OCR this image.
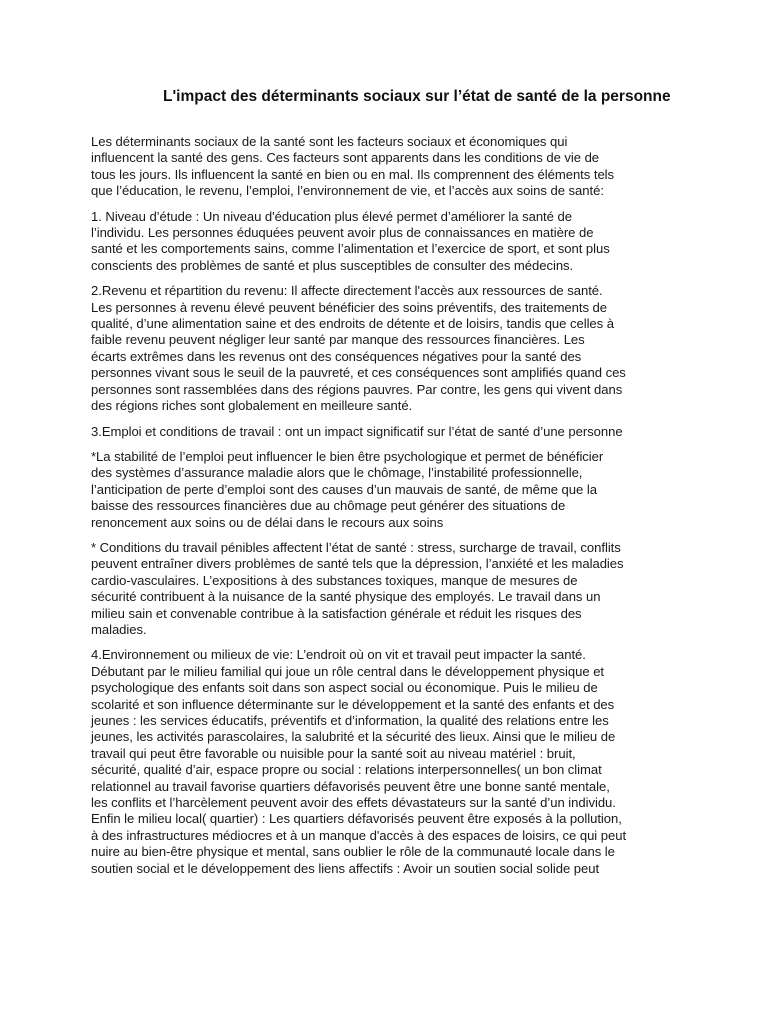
L'impact des déterminants sociaux sur l’état de santé de la personne

Les déterminants sociaux de la santé sont les facteurs sociaux et économiques qui
influencent la santé des gens. Ces facteurs sont apparents dans les conditions de vie de
tous les jours. Ils influencent la santé en bien ou en mal. Ils comprennent des éléments tels
que l’éducation, le revenu, l’emploi, l’environnement de vie, et l’accès aux soins de santé:

1. Niveau d’étude : Un niveau d'éducation plus élevé permet d’améliorer la santé de
l’individu. Les personnes éduquées peuvent avoir plus de connaissances en matière de
santé et les comportements sains, comme l’alimentation et l’exercice de sport, et sont plus
conscients des problèmes de santé et plus susceptibles de consulter des médecins.

2.Revenu et répartition du revenu: Il affecte directement l'accès aux ressources de santé.
Les personnes à revenu élevé peuvent bénéficier des soins préventifs, des traitements de
qualité, d’une alimentation saine et des endroits de détente et de loisirs, tandis que celles à
faible revenu peuvent négliger leur santé par manque des ressources financières. Les
écarts extrêmes dans les revenus ont des conséquences négatives pour la santé des
personnes vivant sous le seuil de la pauvreté, et ces conséquences sont amplifiés quand ces
personnes sont rassemblées dans des régions pauvres. Par contre, les gens qui vivent dans
des régions riches sont globalement en meilleure santé.

3.Emploi et conditions de travail : ont un impact significatif sur l’état de santé d’une personne

*La stabilité de l’emploi peut influencer le bien être psychologique et permet de bénéficier
des systèmes d’assurance maladie alors que le chômage, l’instabilité professionnelle,
l’anticipation de perte d’emploi sont des causes d’un mauvais de santé, de même que la
baisse des ressources financières due au chômage peut générer des situations de
renoncement aux soins ou de délai dans le recours aux soins

* Conditions du travail pénibles affectent l’état de santé : stress, surcharge de travail, conflits
peuvent entraîner divers problèmes de santé tels que la dépression, l’anxiété et les maladies
cardio-vasculaires. L’expositions à des substances toxiques, manque de mesures de
sécurité contribuent à la nuisance de la santé physique des employés. Le travail dans un
milieu sain et convenable contribue à la satisfaction générale et réduit les risques des
maladies.

4.Environnement ou milieux de vie: L’endroit où on vit et travail peut impacter la santé.
Débutant par le milieu familial qui joue un rôle central dans le développement physique et
psychologique des enfants soit dans son aspect social ou économique. Puis le milieu de
scolarité et son influence déterminante sur le développement et la santé des enfants et des
jeunes : les services éducatifs, préventifs et d’information, la qualité des relations entre les
jeunes, les activités parascolaires, la salubrité et la sécurité des lieux. Ainsi que le milieu de
travail qui peut être favorable ou nuisible pour la santé soit au niveau matériel : bruit,
sécurité, qualité d’air, espace propre ou social : relations interpersonnelles( un bon climat
relationnel au travail favorise quartiers défavorisés peuvent être une bonne santé mentale,
les conflits et l’harcèlement peuvent avoir des effets dévastateurs sur la santé d’un individu.
Enfin le milieu local( quartier) : Les quartiers défavorisés peuvent être exposés à la pollution,
à des infrastructures médiocres et à un manque d'accès à des espaces de loisirs, ce qui peut
nuire au bien-être physique et mental, sans oublier le rôle de la communauté locale dans le
soutien social et le développement des liens affectifs : Avoir un soutien social solide peut
